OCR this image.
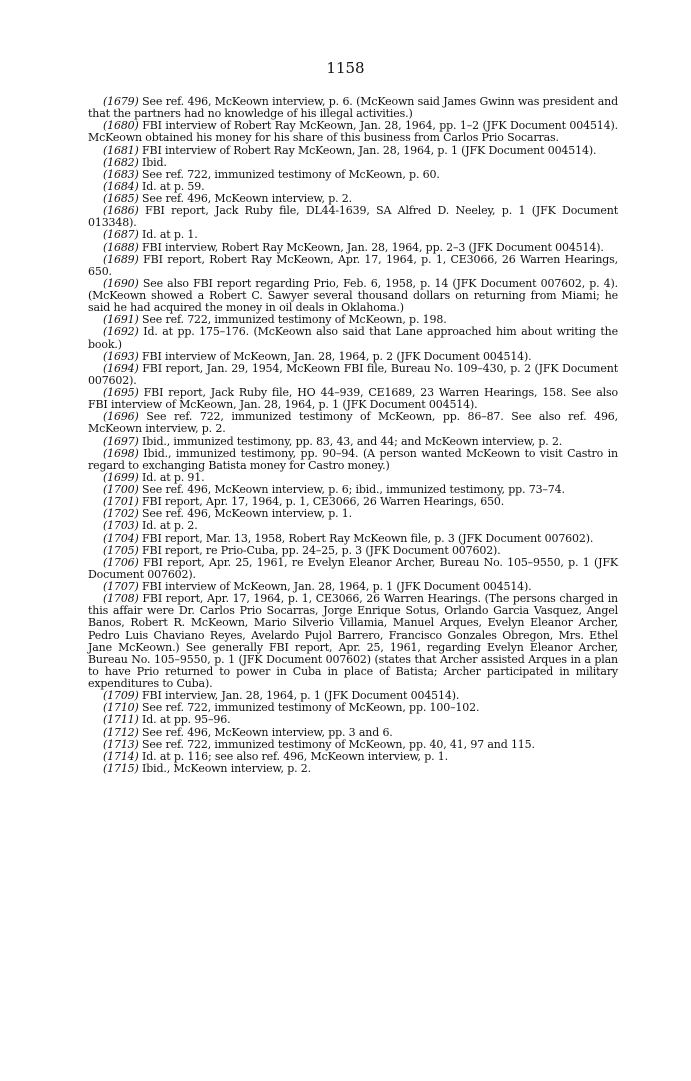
1158

(1679) See ref. 496, McKeown interview, p. 6. (McKeown said James Gwinn was president and that the partners had no knowledge of his illegal activities.)

(1680) FBI interview of Robert Ray McKeown, Jan. 28, 1964, pp. 1–2 (JFK Document 004514). McKeown obtained his money for his share of this business from Carlos Prio Socarras.

(1681) FBI interview of Robert Ray McKeown, Jan. 28, 1964, p. 1 (JFK Document 004514).

(1682) Ibid.

(1683) See ref. 722, immunized testimony of McKeown, p. 60.

(1684) Id. at p. 59.

(1685) See ref. 496, McKeown interview, p. 2.

(1686) FBI report, Jack Ruby file, DL44-1639, SA Alfred D. Neeley, p. 1 (JFK Document 013348).

(1687) Id. at p. 1.

(1688) FBI interview, Robert Ray McKeown, Jan. 28, 1964, pp. 2–3 (JFK Document 004514).

(1689) FBI report, Robert Ray McKeown, Apr. 17, 1964, p. 1, CE3066, 26 Warren Hearings, 650.

(1690) See also FBI report regarding Prio, Feb. 6, 1958, p. 14 (JFK Document 007602, p. 4). (McKeown showed a Robert C. Sawyer several thousand dollars on returning from Miami; he said he had acquired the money in oil deals in Oklahoma.)

(1691) See ref. 722, immunized testimony of McKeown, p. 198.

(1692) Id. at pp. 175–176. (McKeown also said that Lane approached him about writing the book.)

(1693) FBI interview of McKeown, Jan. 28, 1964, p. 2 (JFK Document 004514).

(1694) FBI report, Jan. 29, 1954, McKeown FBI file, Bureau No. 109–430, p. 2 (JFK Document 007602).

(1695) FBI report, Jack Ruby file, HO 44–939, CE1689, 23 Warren Hearings, 158. See also FBI interview of McKeown, Jan. 28, 1964, p. 1 (JFK Document 004514).

(1696) See ref. 722, immunized testimony of McKeown, pp. 86–87. See also ref. 496, McKeown interview, p. 2.

(1697) Ibid., immunized testimony, pp. 83, 43, and 44; and McKeown interview, p. 2.

(1698) Ibid., immunized testimony, pp. 90–94. (A person wanted McKeown to visit Castro in regard to exchanging Batista money for Castro money.)

(1699) Id. at p. 91.

(1700) See ref. 496, McKeown interview, p. 6; ibid., immunized testimony, pp. 73–74.

(1701) FBI report, Apr. 17, 1964, p. 1, CE3066, 26 Warren Hearings, 650.

(1702) See ref. 496, McKeown interview, p. 1.

(1703) Id. at p. 2.

(1704) FBI report, Mar. 13, 1958, Robert Ray McKeown file, p. 3 (JFK Document 007602).

(1705) FBI report, re Prio-Cuba, pp. 24–25, p. 3 (JFK Document 007602).

(1706) FBI report, Apr. 25, 1961, re Evelyn Eleanor Archer, Bureau No. 105–9550, p. 1 (JFK Document 007602).

(1707) FBI interview of McKeown, Jan. 28, 1964, p. 1 (JFK Document 004514).

(1708) FBI report, Apr. 17, 1964, p. 1, CE3066, 26 Warren Hearings. (The persons charged in this affair were Dr. Carlos Prio Socarras, Jorge Enrique Sotus, Orlando Garcia Vasquez, Angel Banos, Robert R. McKeown, Mario Silverio Villamia, Manuel Arques, Evelyn Eleanor Archer, Pedro Luis Chaviano Reyes, Avelardo Pujol Barrero, Francisco Gonzales Obregon, Mrs. Ethel Jane McKeown.) See generally FBI report, Apr. 25, 1961, regarding Evelyn Eleanor Archer, Bureau No. 105–9550, p. 1 (JFK Document 007602) (states that Archer assisted Arques in a plan to have Prio returned to power in Cuba in place of Batista; Archer participated in military expenditures to Cuba).

(1709) FBI interview, Jan. 28, 1964, p. 1 (JFK Document 004514).

(1710) See ref. 722, immunized testimony of McKeown, pp. 100–102.

(1711) Id. at pp. 95–96.

(1712) See ref. 496, McKeown interview, pp. 3 and 6.

(1713) See ref. 722, immunized testimony of McKeown, pp. 40, 41, 97 and 115.

(1714) Id. at p. 116; see also ref. 496, McKeown interview, p. 1.

(1715) Ibid., McKeown interview, p. 2.
